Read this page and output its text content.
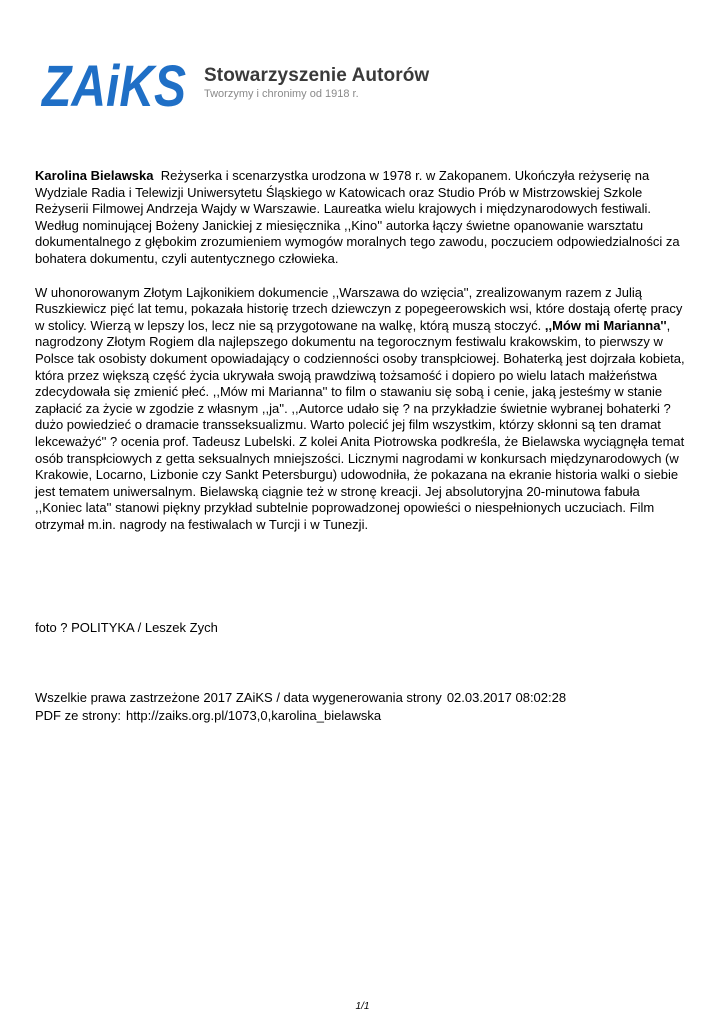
ZAiKS Stowarzyszenie Autorów
Tworzymy i chronimy od 1918 r.

Karolina Bielawska Reżyserka i scenarzystka urodzona w 1978 r. w Zakopanem. Ukończyła reżyserię na Wydziale Radia i Telewizji Uniwersytetu Śląskiego w Katowicach oraz Studio Prób w Mistrzowskiej Szkole Reżyserii Filmowej Andrzeja Wajdy w Warszawie. Laureatka wielu krajowych i międzynarodowych festiwali. Według nominującej Bożeny Janickiej z miesięcznika ,,Kino'' autorka łączy świetne opanowanie warsztatu dokumentalnego z głębokim zrozumieniem wymogów moralnych tego zawodu, poczuciem odpowiedzialności za bohatera dokumentu, czyli autentycznego człowieka.

W uhonorowanym Złotym Lajkonikiem dokumencie ,,Warszawa do wzięcia'', zrealizowanym razem z Julią Ruszkiewicz pięć lat temu, pokazała historię trzech dziewczyn z popegeerowskich wsi, które dostają ofertę pracy w stolicy. Wierzą w lepszy los, lecz nie są przygotowane na walkę, którą muszą stoczyć. ,,Mów mi Marianna'', nagrodzony Złotym Rogiem dla najlepszego dokumentu na tegorocznym festiwalu krakowskim, to pierwszy w Polsce tak osobisty dokument opowiadający o codzienności osoby transpłciowej. Bohaterką jest dojrzała kobieta, która przez większą część życia ukrywała swoją prawdziwą tożsamość i dopiero po wielu latach małżeństwa zdecydowała się zmienić płeć. ,,Mów mi Marianna'' to film o stawaniu się sobą i cenie, jaką jesteśmy w stanie zapłacić za życie w zgodzie z własnym ,,ja''. ,,Autorce udało się ? na przykładzie świetnie wybranej bohaterki ? dużo powiedzieć o dramacie transseksualizmu. Warto polecić jej film wszystkim, którzy skłonni są ten dramat lekceważyć'' ? ocenia prof. Tadeusz Lubelski. Z kolei Anita Piotrowska podkreśla, że Bielawska wyciągnęła temat osób transpłciowych z getta seksualnych mniejszości. Licznymi nagrodami w konkursach międzynarodowych (w Krakowie, Locarno, Lizbonie czy Sankt Petersburgu) udowodniła, że pokazana na ekranie historia walki o siebie jest tematem uniwersalnym. Bielawską ciągnie też w stronę kreacji. Jej absolutoryjna 20-minutowa fabuła ,,Koniec lata'' stanowi piękny przykład subtelnie poprowadzonej opowieści o niespełnionych uczuciach. Film otrzymał m.in. nagrody na festiwalach w Turcji i w Tunezji.

foto ? POLITYKA / Leszek Zych
Wszelkie prawa zastrzeżone 2017 ZAiKS / data wygenerowania strony 02.03.2017 08:02:28
PDF ze strony: http://zaiks.org.pl/1073,0,karolina_bielawska
1/1
